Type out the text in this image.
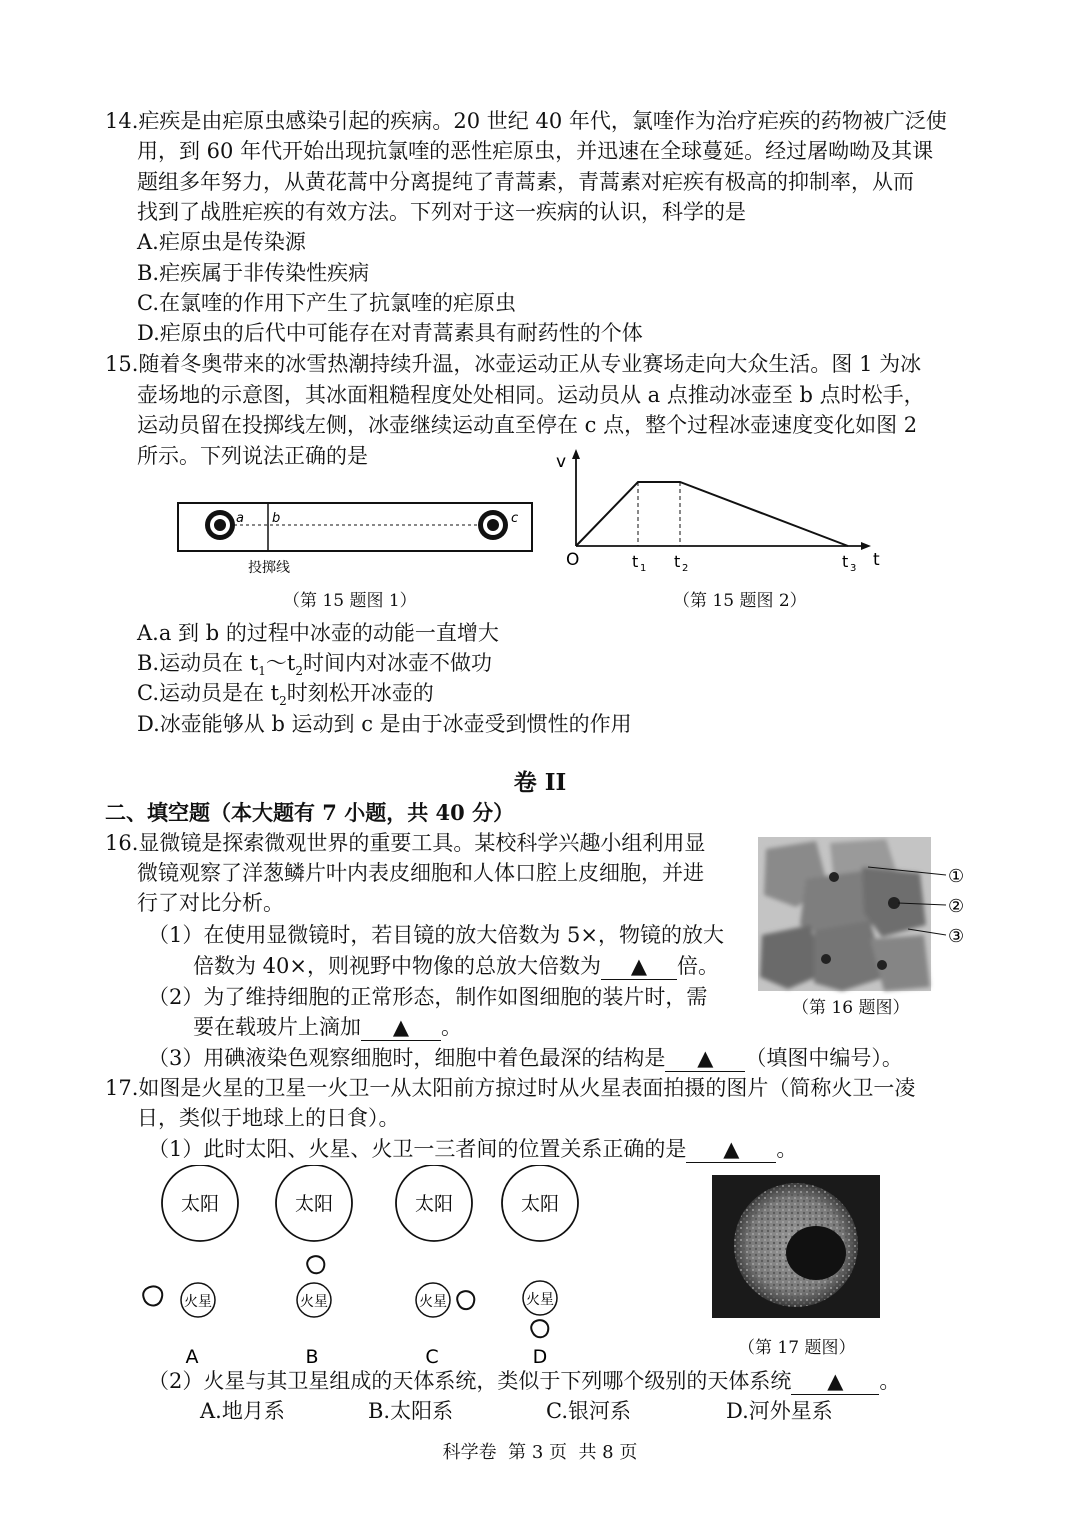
14.疟疾是由疟原虫感染引起的疾病。20 世纪 40 年代，氯喹作为治疗疟疾的药物被广泛使
用，到 60 年代开始出现抗氯喹的恶性疟原虫，并迅速在全球蔓延。经过屠呦呦及其课
题组多年努力，从黄花蒿中分离提纯了青蒿素，青蒿素对疟疾有极高的抑制率，从而
找到了战胜疟疾的有效方法。下列对于这一疾病的认识，科学的是
A.疟原虫是传染源
B.疟疾属于非传染性疾病
C.在氯喹的作用下产生了抗氯喹的疟原虫
D.疟原虫的后代中可能存在对青蒿素具有耐药性的个体
15.随着冬奥带来的冰雪热潮持续升温，冰壶运动正从专业赛场走向大众生活。图 1 为冰
壶场地的示意图，其冰面粗糙程度处处相同。运动员从 a 点推动冰壶至 b 点时松手，
运动员留在投掷线左侧，冰壶继续运动直至停在 c 点，整个过程冰壶速度变化如图 2
所示。下列说法正确的是
a b	c
投掷线
（第 15 题图 1）
v
t
O	t 1 t 2	t 3
（第 15 题图 2）
A.a 到 b 的过程中冰壶的动能一直增大
B.运动员在 $t_1\sim t_2$时间内对冰壶不做功
C.运动员是在 $t_2$时刻松开冰壶的
D.冰壶能够从 b 运动到 c 是由于冰壶受到惯性的作用
卷 II
二、填空题（本大题有 7 小题，共 40 分）
16.显微镜是探索微观世界的重要工具。某校科学兴趣小组利用显
微镜观察了洋葱鳞片叶内表皮细胞和人体口腔上皮细胞，并进
行了对比分析。
（1）在使用显微镜时，若目镜的放大倍数为 5×，物镜的放大
倍数为 40×，则视野中物像的总放大倍数为 ▲ 倍。
（2）为了维持细胞的正常形态，制作如图细胞的装片时，需
要在载玻片上滴加 ▲ 。
（3）用碘液染色观察细胞时，细胞中着色最深的结构是 ▲ （填图中编号）。
①
②
③
（第 16 题图）
17.如图是火星的卫星一火卫一从太阳前方掠过时从火星表面拍摄的图片（简称火卫一凌
日，类似于地球上的日食）。
（1）此时太阳、火星、火卫一三者间的位置关系正确的是 ▲ 。
太阳
火星
A
太阳
火星
B
太阳
火星
C
太阳
火星
D	（第 17 题图）
（2）火星与其卫星组成的天体系统，类似于下列哪个级别的天体系统 ▲ 。
A.地月系	B.太阳系	C.银河系	D.河外星系
科学卷  第 3 页  共 8 页
